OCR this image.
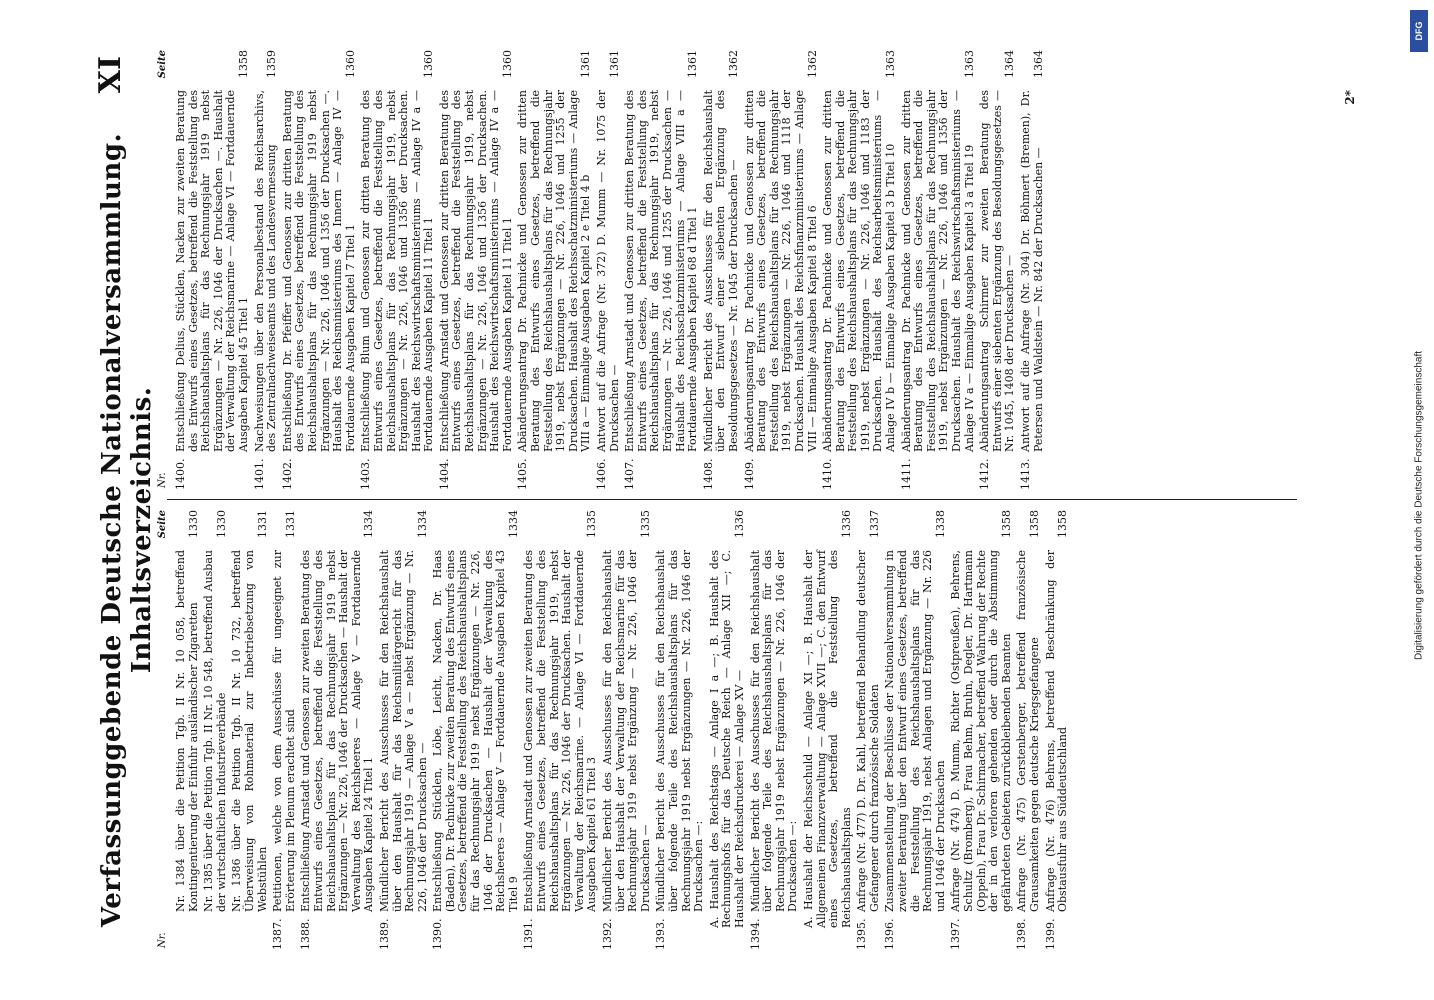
Verfassunggebende Deutsche Nationalversammlung. Inhaltsverzeichnis.
XI
Nr.
Seite
Nr. 1384 über die Petition Tgb. II Nr. 10 058, betreffend Kontingentierung der Einfuhr ausländischer Zigaretten
1330
Nr. 1385 über die Petition Tgb. II Nr. 10 548, betreffend Ausbau der wirtschaftlichen Industrieverbände
1330
Nr. 1386 über die Petition Tgb. II Nr. 10 732, betreffend Überweisung von Rohmaterial zur Inbetriebsetzung von Webstühlen
1331
1387.
Petitionen, welche von dem Ausschüsse für ungeeignet zur Erörterung im Plenum erachtet sind
1331
1388.
Entschließung Arnstadt und Genossen zur zweiten Beratung des Entwurfs eines Gesetzes, betreffend die Feststellung des Reichshaushaltsplans für das Rechnungsjahr 1919 nebst Ergänzungen — Nr. 226, 1046 der Drucksachen — Haushalt der Verwaltung des Reichsheeres — Anlage V — Fortdauernde Ausgaben Kapitel 24 Titel 1
1334
1389.
Mündlicher Bericht des Ausschusses für den Reichshaushalt über den Haushalt für das Reichsmilitärgericht für das Rechnungsjahr 1919 — Anlage V a — nebst Ergänzung — Nr. 226, 1046 der Drucksachen —
1334
1390.
Entschließung Stücklen, Löbe, Leicht, Nacken, Dr. Haas (Baden), Dr. Pachnicke zur zweiten Beratung des Entwurfs eines Gesetzes, betreffend die Feststellung des Reichshaushaltsplans für das Rechnungsjahr 1919 nebst Ergänzungen — Nr. 226, 1046 der Drucksachen — Haushalt der Verwaltung des Reichsheeres — Anlage V — Fortdauernde Ausgaben Kapitel 43 Titel 9
1334
1391.
Entschließung Arnstadt und Genossen zur zweiten Beratung des Entwurfs eines Gesetzes, betreffend die Feststellung des Reichshaushaltsplans für das Rechnungsjahr 1919, nebst Ergänzungen — Nr. 226, 1046 der Drucksachen. Haushalt der Verwaltung der Reichsmarine. — Anlage VI — Fortdauernde Ausgaben Kapitel 61 Titel 3
1335
1392.
Mündlicher Bericht des Ausschusses für den Reichshaushalt über den Haushalt der Verwaltung der Reichsmarine für das Rechnungsjahr 1919 nebst Ergänzung — Nr. 226, 1046 der Drucksachen —
1335
1393.
Mündlicher Bericht des Ausschusses für den Reichshaushalt über folgende Teile des Reichshaushaltsplans für das Rechnungsjahr 1919 nebst Ergänzungen — Nr. 226, 1046 der Drucksachen —: A. Haushalt des Reichstags — Anlage I a —; B. Haushalt des Rechnungshofs für das Deutsche Reich — Anlage XII —; C. Haushalt der Reichsdruckerei — Anlage XV —
1336
1394.
Mündlicher Bericht des Ausschusses für den Reichshaushalt über folgende Teile des Reichshaushaltsplans für das Rechnungsjahr 1919 nebst Ergänzungen — Nr. 226, 1046 der Drucksachen —: A. Haushalt der Reichsschuld — Anlage XI —; B. Haushalt der Allgemeinen Finanzverwaltung — Anlage XVII —; C. den Entwurf eines Gesetzes, betreffend die Feststellung des Reichshaushaltsplans
1336
1395.
Anfrage (Nr. 477) D. Dr. Kahl, betreffend Behandlung deutscher Gefangener durch französische Soldaten
1337
1396.
Zusammenstellung der Beschlüsse der Nationalversammlung in zweiter Beratung über den Entwurf eines Gesetzes, betreffend die Feststellung des Reichshaushaltsplans für das Rechnungsjahr 1919, nebst Anlagen und Ergänzung — Nr. 226 und 1046 der Drucksachen
1338
1397.
Anfrage (Nr. 474) D. Mumm, Richter (Ostpreußen), Behrens, Schultz (Bromberg), Frau Behm, Bruhn, Degler, Dr. Hartmann (Oppeln), Frau Dr. Schirmacher, betreffend Wahrung der Rechte der in den verloren gehenden oder durch die Abstimmung gefährdeten Gebieten zurückbleibenden Beamten
1358
1398.
Anfrage (Nr. 475) Gerstenberger, betreffend französische Grausamkeiten gegen deutsche Kriegsgefangene
1358
1399.
Anfrage (Nr. 476) Behrens, betreffend Beschränkung der Obstausfuhr aus Süddeutschland
1358
Nr.
Seite
1400.
Entschließung Delius, Stücklen, Nacken zur zweiten Beratung des Entwurfs eines Gesetzes, betreffend die Feststellung des Reichshaushaltsplans für das Rechnungsjahr 1919 nebst Ergänzungen — Nr. 226, 1046 der Drucksachen —. Haushalt der Verwaltung der Reichsmarine — Anlage VI — Fortdauernde Ausgaben Kapitel 45 Titel 1
1358
1401.
Nachweisungen über den Personalbestand des Reichsarchivs, des Zentralnachweiseamts und des Landesvermessung
1359
1402.
Entschließung Dr. Pfeiffer und Genossen zur dritten Beratung des Entwurfs eines Gesetzes, betreffend die Feststellung des Reichshaushaltsplans für das Rechnungsjahr 1919 nebst Ergänzungen — Nr. 226, 1046 und 1356 der Drucksachen —. Haushalt des Reichsministeriums des Innern — Anlage IV — Fortdauernde Ausgaben Kapitel 7 Titel 1
1360
1403.
Entschließung Blum und Genossen zur dritten Beratung des Entwurfs eines Gesetzes, betreffend die Feststellung des Reichshaushaltsplans für das Rechnungsjahr 1919, nebst Ergänzungen — Nr. 226, 1046 und 1356 der Drucksachen. Haushalt des Reichswirtschaftsministeriums — Anlage IV a — Fortdauernde Ausgaben Kapitel 11 Titel 1
1360
1404.
Entschließung Arnstadt und Genossen zur dritten Beratung des Entwurfs eines Gesetzes, betreffend die Feststellung des Reichshaushaltsplans für das Rechnungsjahr 1919, nebst Ergänzungen — Nr. 226, 1046 und 1356 der Drucksachen. Haushalt des Reichswirtschaftsministeriums — Anlage IV a — Fortdauernde Ausgaben Kapitel 11 Titel 1
1360
1405.
Abänderungsantrag Dr. Pachnicke und Genossen zur dritten Beratung des Entwurfs eines Gesetzes, betreffend die Feststellung des Reichshaushaltsplans für das Rechnungsjahr 1919, nebst Ergänzungen — Nr. 226, 1046 und 1255 der Drucksachen. Haushalt des Reichsschatzministeriums — Anlage VIII a — Einmalige Ausgaben Kapitel 2 e Titel 4 b
1361
1406.
Antwort auf die Anfrage (Nr. 372) D. Mumm — Nr. 1075 der Drucksachen —
1361
1407.
Entschließung Arnstadt und Genossen zur dritten Beratung des Entwurfs eines Gesetzes, betreffend die Feststellung des Reichshaushaltsplans für das Rechnungsjahr 1919, nebst Ergänzungen — Nr. 226, 1046 und 1255 der Drucksachen — Haushalt des Reichsschatzministeriums — Anlage VIII a — Fortdauernde Ausgaben Kapitel 68 d Titel 1
1361
1408.
Mündlicher Bericht des Ausschusses für den Reichshaushalt über den Entwurf einer siebenten Ergänzung des Besoldungsgesetzes — Nr. 1045 der Drucksachen —
1362
1409.
Abänderungsantrag Dr. Pachnicke und Genossen zur dritten Beratung des Entwurfs eines Gesetzes, betreffend die Feststellung des Reichshaushaltsplans für das Rechnungsjahr 1919, nebst Ergänzungen — Nr. 226, 1046 und 1118 der Drucksachen. Haushalt des Reichsfinanzministeriums — Anlage VIII — Einmalige Ausgaben Kapitel 8 Titel 6
1362
1410.
Abänderungsantrag Dr. Pachnicke und Genossen zur dritten Beratung des Entwurfs eines Gesetzes, betreffend die Feststellung des Reichshaushaltsplans für das Rechnungsjahr 1919, nebst Ergänzungen — Nr. 226, 1046 und 1183 der Drucksachen. Haushalt des Reichsarbeitsministeriums — Anlage IV b — Einmalige Ausgaben Kapitel 3 b Titel 10
1363
1411.
Abänderungsantrag Dr. Pachnicke und Genossen zur dritten Beratung des Entwurfs eines Gesetzes, betreffend die Feststellung des Reichshaushaltsplans für das Rechnungsjahr 1919, nebst Ergänzungen — Nr. 226, 1046 und 1356 der Drucksachen. Haushalt des Reichswirtschaftsministeriums — Anlage IV a — Einmalige Ausgaben Kapitel 3 a Titel 19
1363
1412.
Abänderungsantrag Schirmer zur zweiten Beratung des Entwurfs einer siebenten Ergänzung des Besoldungsgesetzes — Nr. 1045, 1408 der Drucksachen —
1364
1413.
Antwort auf die Anfrage (Nr. 304) Dr. Böhmert (Bremen), Dr. Petersen und Waldstein — Nr. 842 der Drucksachen —
1364
2*
DFG
Digitalisierung gefördert durch die Deutsche Forschungsgemeinschaft
